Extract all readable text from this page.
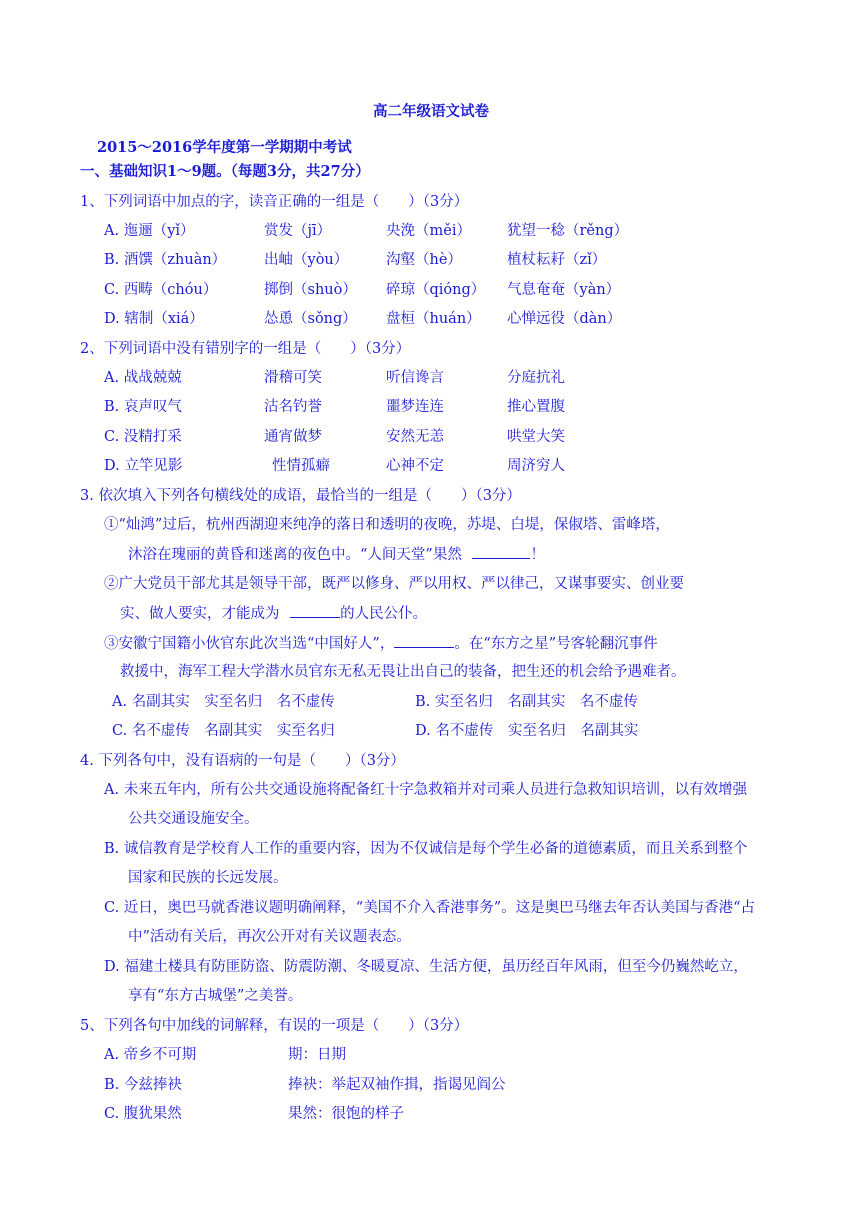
2015～2016学年度第一学期期中考试
高二年级语文试卷
一、基础知识1～9题。（每题3分，共27分）
1、下列词语中加点的字，读音正确的一组是（　　）（3分）
A. 迤逦（yǐ）	赏发（jī）	央浼（měi） 犹望一稔（rěng）
B. 酒馔（zhuàn）	出岫（yòu）	沟壑（hè）	植杖耘耔（zǐ）
C. 西畴（chóu）	掷倒（shuò） 碎琼（qióng） 气息奄奄（yàn）
D. 辖制（xiá）	怂恿（sǒng） 盘桓（huán） 心惮远役（dàn）
2、下列词语中没有错别字的一组是（　　）（3分）
A. 战战兢兢	滑稽可笑	听信谗言	分庭抗礼
B. 哀声叹气	沽名钓誉	噩梦连连	推心置腹
C. 没精打采	通宵做梦	安然无恙	哄堂大笑
D. 立竿见影	性情孤癖	心神不定	周济穷人
3. 依次填入下列各句横线处的成语，最恰当的一组是（　　）（3分）
①“灿鸿”过后，杭州西湖迎来纯净的落日和透明的夜晚，苏堤、白堤，保俶塔、雷峰塔，
沐浴在瑰丽的黄昏和迷离的夜色中。“人间天堂”果然	！
②广大党员干部尤其是领导干部，既严以修身、严以用权、严以律己，又谋事要实、创业要
实、做人要实，才能成为	的人民公仆。
③安徽宁国籍小伙官东此次当选“中国好人”，	。在“东方之星”号客轮翻沉事件
救援中，海军工程大学潜水员官东无私无畏让出自己的装备，把生还的机会给予遇难者。
A. 名副其实　实至名归　名不虚传	B. 实至名归　名副其实　名不虚传
C. 名不虚传　名副其实　实至名归	D. 名不虚传　实至名归　名副其实
4. 下列各句中，没有语病的一句是（　　）（3分）
A. 未来五年内，所有公共交通设施将配备红十字急救箱并对司乘人员进行急救知识培训，以有效增强
公共交通设施安全。
B. 诚信教育是学校育人工作的重要内容，因为不仅诚信是每个学生必备的道德素质，而且关系到整个
国家和民族的长远发展。
C. 近日，奥巴马就香港议题明确阐释，“美国不介入香港事务”。这是奥巴马继去年否认美国与香港“占
中”活动有关后，再次公开对有关议题表态。
D. 福建土楼具有防匪防盗、防震防潮、冬暖夏凉、生活方便，虽历经百年风雨，但至今仍巍然屹立，
享有“东方古城堡”之美誉。
5、下列各句中加线的词解释，有误的一项是（　　）（3分）
A. 帝乡不可期	期：日期
B. 今兹捧袂	捧袂：举起双袖作揖，指谒见阎公
C. 腹犹果然	果然：很饱的样子
